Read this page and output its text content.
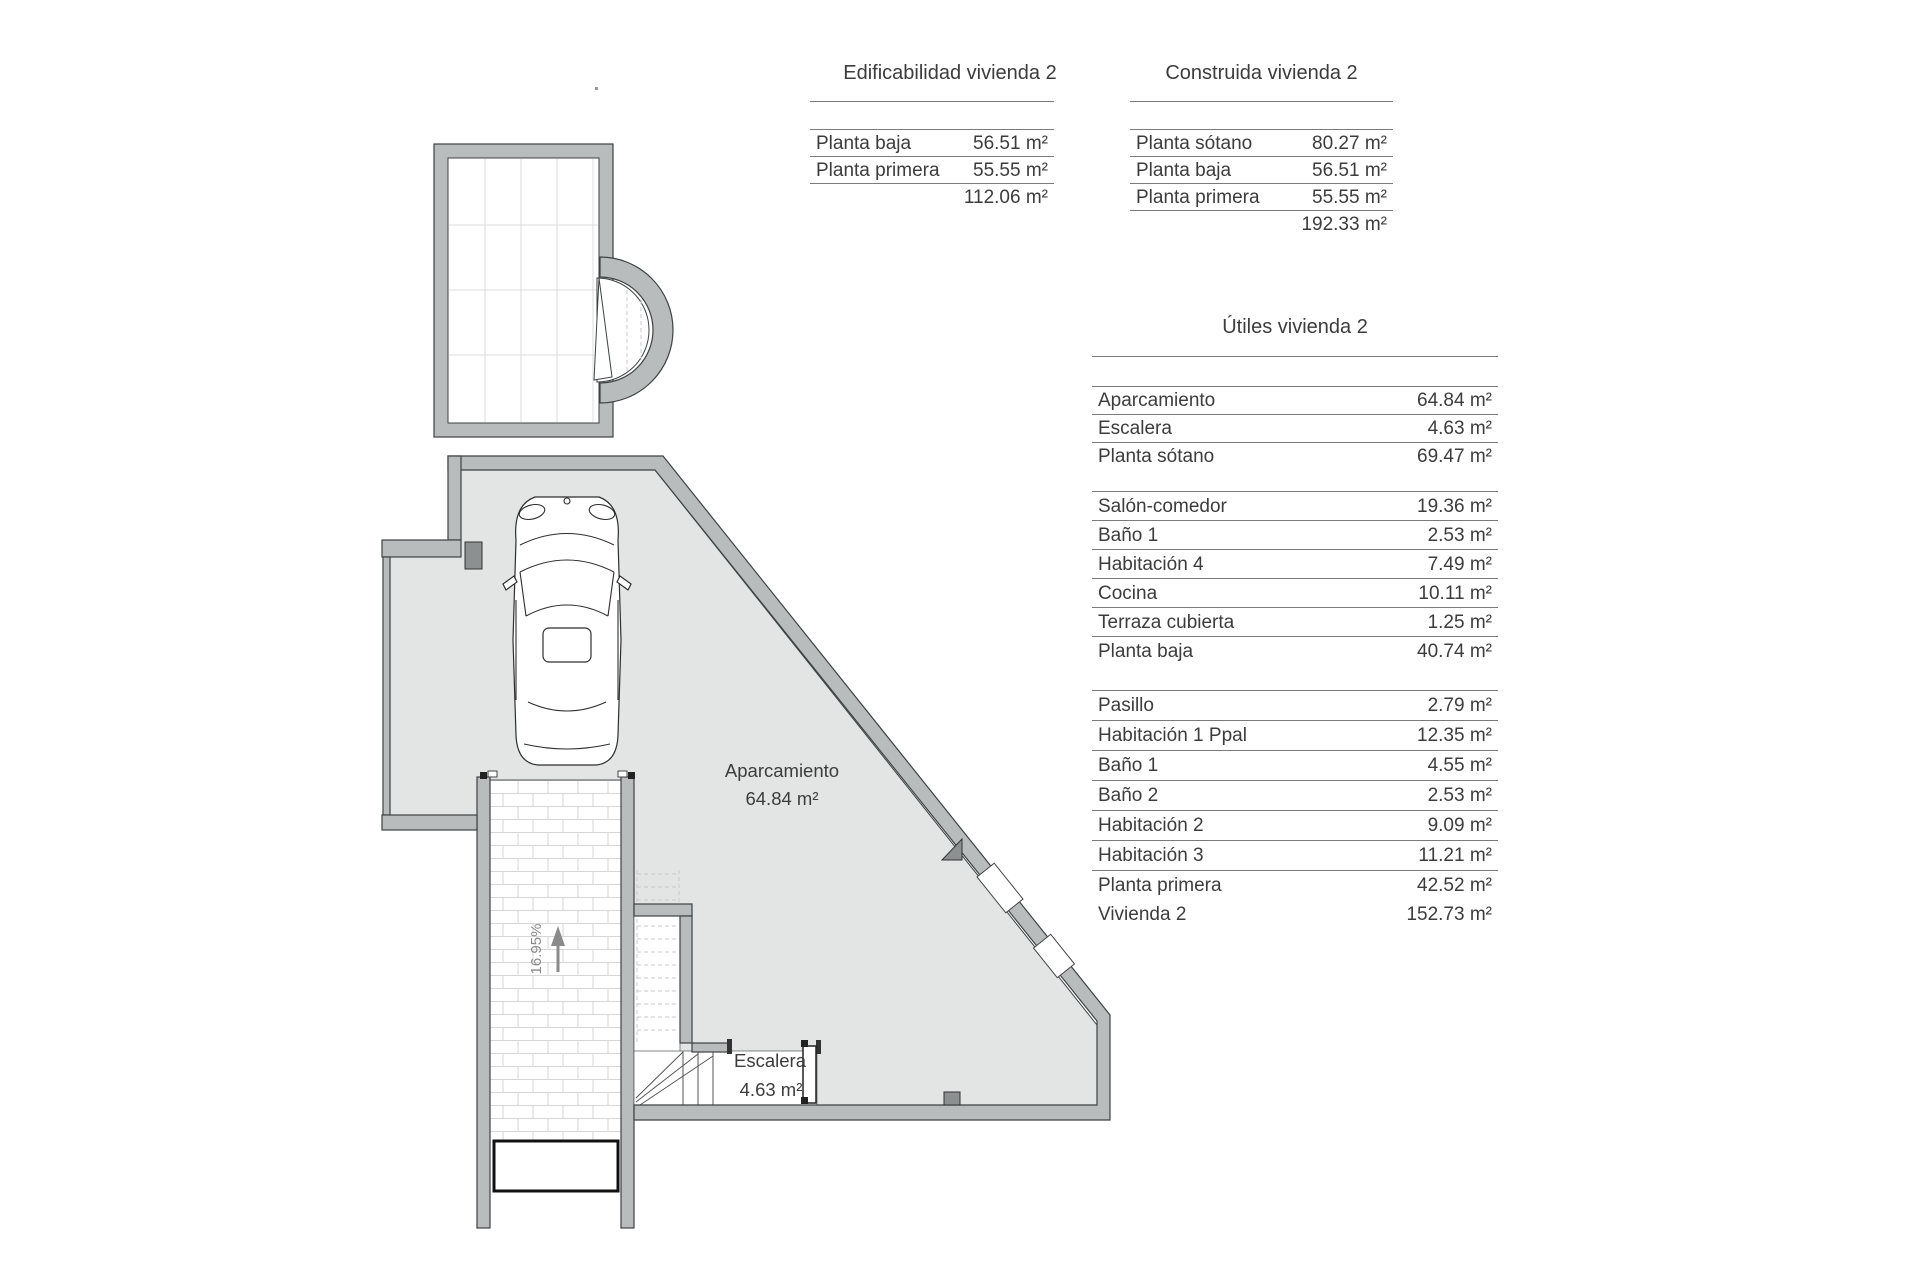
Aparcamiento
64.84 m²
Escalera
4.63 m²
16.95%
Edificabilidad vivienda 2
Planta baja	56.51 m²
Planta primera 55.55 m²
112.06 m²
Construida vivienda 2
Planta sótano	80.27 m²
Planta baja	56.51 m²
Planta primera	55.55 m²
192.33 m²
Útiles vivienda 2
Aparcamiento	64.84 m²
Escalera	4.63 m²
Planta sótano	69.47 m²
Salón-comedor	19.36 m²
Baño 1	2.53 m²
Habitación 4	7.49 m²
Cocina	10.11 m²
Terraza cubierta	1.25 m²
Planta baja	40.74 m²
Pasillo	2.79 m²
Habitación 1 Ppal	12.35 m²
Baño 1	4.55 m²
Baño 2	2.53 m²
Habitación 2	9.09 m²
Habitación 3	11.21 m²
Planta primera	42.52 m²
Vivienda 2	152.73 m²
